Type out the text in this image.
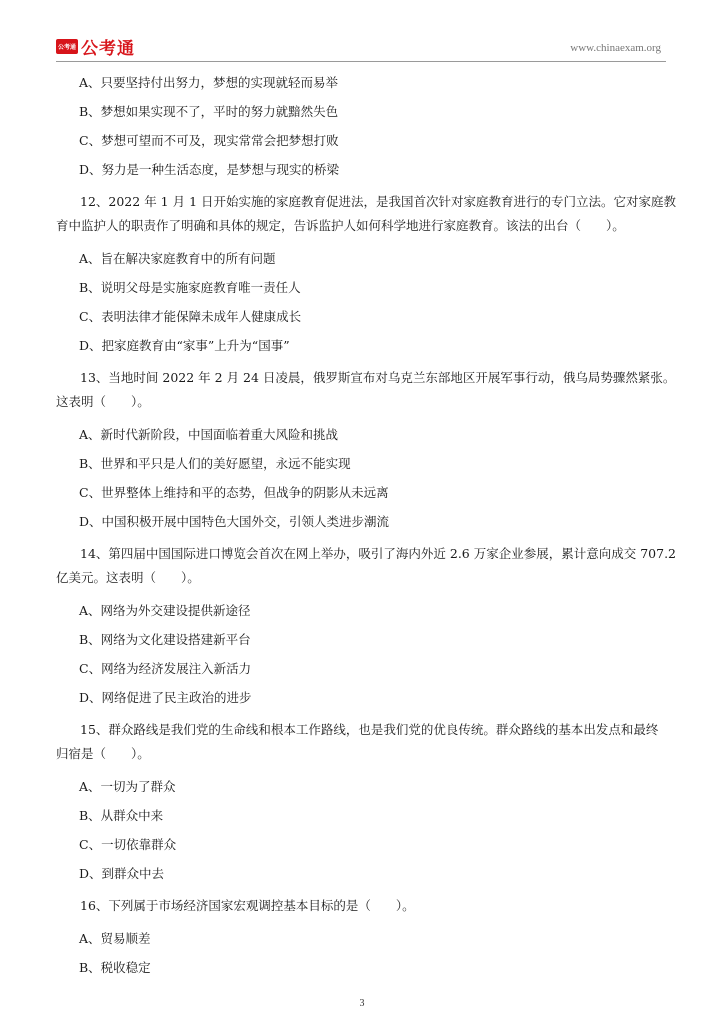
公考通 公考通	www.chinaexam.org
A、只要坚持付出努力，梦想的实现就轻而易举
B、梦想如果实现不了，平时的努力就黯然失色
C、梦想可望而不可及，现实常常会把梦想打败
D、努力是一种生活态度，是梦想与现实的桥梁

12、2022 年 1 月 1 日开始实施的家庭教育促进法，是我国首次针对家庭教育进行的专门立法。它对家庭教

育中监护人的职责作了明确和具体的规定，告诉监护人如何科学地进行家庭教育。该法的出台（　　）。

A、旨在解决家庭教育中的所有问题
B、说明父母是实施家庭教育唯一责任人
C、表明法律才能保障未成年人健康成长
D、把家庭教育由“家事”上升为“国事”

13、当地时间 2022 年 2 月 24 日凌晨，俄罗斯宣布对乌克兰东部地区开展军事行动，俄乌局势骤然紧张。

这表明（　　）。

A、新时代新阶段，中国面临着重大风险和挑战
B、世界和平只是人们的美好愿望，永远不能实现
C、世界整体上维持和平的态势，但战争的阴影从未远离
D、中国积极开展中国特色大国外交，引领人类进步潮流

14、第四届中国国际进口博览会首次在网上举办，吸引了海内外近 2.6 万家企业参展，累计意向成交 707.2

亿美元。这表明（　　）。

A、网络为外交建设提供新途径
B、网络为文化建设搭建新平台
C、网络为经济发展注入新活力
D、网络促进了民主政治的进步

15、群众路线是我们党的生命线和根本工作路线，也是我们党的优良传统。群众路线的基本出发点和最终

归宿是（　　）。

A、一切为了群众
B、从群众中来
C、一切依靠群众
D、到群众中去

16、下列属于市场经济国家宏观调控基本目标的是（　　）。

A、贸易顺差
B、税收稳定
3
